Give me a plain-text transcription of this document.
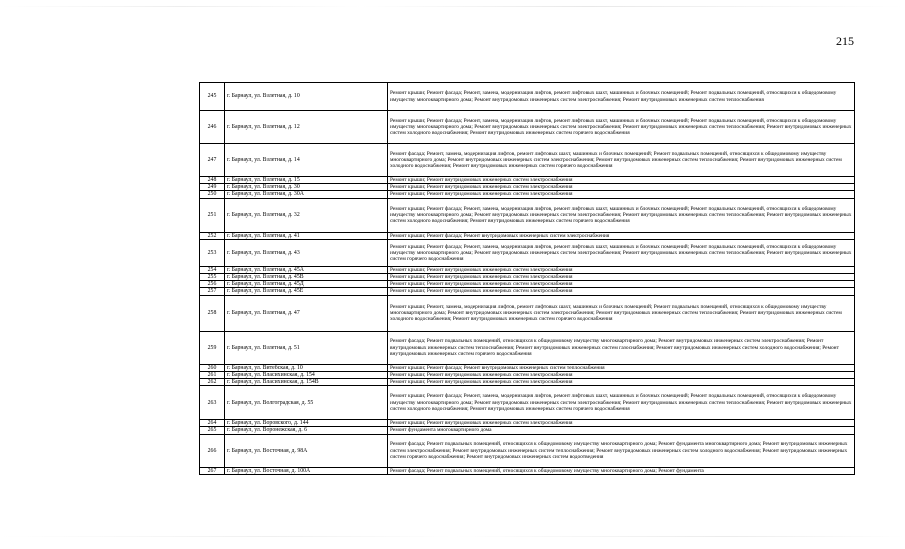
215
245	г. Барнаул, ул. Взлетная, д. 10	Ремонт крыши; Ремонт фасада; Ремонт, замена, модернизация лифтов, ремонт лифтовых шахт, машинных и блочных помещений; Ремонт подвальных помещений, относящихся к общедомовому имуществу многоквартирного дома; Ремонт внутридомовых инженерных систем электроснабжения; Ремонт внутридомовых инженерных систем теплоснабжения
246	г. Барнаул, ул. Взлетная, д. 12	Ремонт крыши; Ремонт фасада; Ремонт, замена, модернизация лифтов, ремонт лифтовых шахт, машинных и блочных помещений; Ремонт подвальных помещений, относящихся к общедомовому имуществу многоквартирного дома; Ремонт внутридомовых инженерных систем электроснабжения; Ремонт внутридомовых инженерных систем теплоснабжения; Ремонт внутридомовых инженерных систем холодного водоснабжения; Ремонт внутридомовых инженерных систем горячего водоснабжения
247	г. Барнаул, ул. Взлетная, д. 14	Ремонт фасада; Ремонт, замена, модернизация лифтов, ремонт лифтовых шахт, машинных и блочных помещений; Ремонт подвальных помещений, относящихся к общедомовому имуществу многоквартирного дома; Ремонт внутридомовых инженерных систем электроснабжения; Ремонт внутридомовых инженерных систем теплоснабжения; Ремонт внутридомовых инженерных систем холодного водоснабжения; Ремонт внутридомовых инженерных систем горячего водоснабжения
248	г. Барнаул, ул. Взлетная, д. 15	Ремонт крыши; Ремонт внутридомовых инженерных систем электроснабжения
249	г. Барнаул, ул. Взлетная, д. 30	Ремонт крыши; Ремонт внутридомовых инженерных систем электроснабжения
250	г. Барнаул, ул. Взлетная, д. 30А	Ремонт крыши; Ремонт внутридомовых инженерных систем электроснабжения
251	г. Барнаул, ул. Взлетная, д. 32	Ремонт крыши; Ремонт фасада; Ремонт, замена, модернизация лифтов, ремонт лифтовых шахт, машинных и блочных помещений; Ремонт подвальных помещений, относящихся к общедомовому имуществу многоквартирного дома; Ремонт внутридомовых инженерных систем электроснабжения; Ремонт внутридомовых инженерных систем теплоснабжения; Ремонт внутридомовых инженерных систем холодного водоснабжения; Ремонт внутридомовых инженерных систем горячего водоснабжения
252	г. Барнаул, ул. Взлетная, д. 41	Ремонт крыши; Ремонт фасада; Ремонт внутридомовых инженерных систем электроснабжения
253	г. Барнаул, ул. Взлетная, д. 43	Ремонт крыши; Ремонт фасада; Ремонт, замена, модернизация лифтов, ремонт лифтовых шахт, машинных и блочных помещений; Ремонт подвальных помещений, относящихся к общедомовому имуществу многоквартирного дома; Ремонт внутридомовых инженерных систем электроснабжения; Ремонт внутридомовых инженерных систем теплоснабжения; Ремонт внутридомовых инженерных систем горячего водоснабжения
254	г. Барнаул, ул. Взлетная, д. 45А	Ремонт крыши; Ремонт внутридомовых инженерных систем электроснабжения
255	г. Барнаул, ул. Взлетная, д. 45В	Ремонт крыши; Ремонт внутридомовых инженерных систем электроснабжения
256	г. Барнаул, ул. Взлетная, д. 45Д	Ремонт крыши; Ремонт внутридомовых инженерных систем электроснабжения
257	г. Барнаул, ул. Взлетная, д. 45Е	Ремонт крыши; Ремонт внутридомовых инженерных систем электроснабжения
258	г. Барнаул, ул. Взлетная, д. 47	Ремонт крыши; Ремонт, замена, модернизация лифтов, ремонт лифтовых шахт, машинных и блочных помещений; Ремонт подвальных помещений, относящихся к общедомовому имуществу многоквартирного дома; Ремонт внутридомовых инженерных систем электроснабжения; Ремонт внутридомовых инженерных систем теплоснабжения; Ремонт внутридомовых инженерных систем холодного водоснабжения; Ремонт внутридомовых инженерных систем горячего водоснабжения
259	г. Барнаул, ул. Взлетная, д. 51	Ремонт фасада; Ремонт подвальных помещений, относящихся к общедомовому имуществу многоквартирного дома; Ремонт внутридомовых инженерных систем электроснабжения; Ремонт внутридомовых инженерных систем теплоснабжения; Ремонт внутридомовых инженерных систем газоснабжения; Ремонт внутридомовых инженерных систем холодного водоснабжения; Ремонт внутридомовых инженерных систем горячего водоснабжения
260	г. Барнаул, ул. Витебская, д. 10	Ремонт крыши; Ремонт фасада; Ремонт внутридомовых инженерных систем теплоснабжения
261	г. Барнаул, ул. Власихинская, д. 154	Ремонт крыши; Ремонт внутридомовых инженерных систем электроснабжения
262	г. Барнаул, ул. Власихинская, д. 154В	Ремонт крыши; Ремонт внутридомовых инженерных систем электроснабжения
263	г. Барнаул, ул. Волгоградская, д. 55	Ремонт крыши; Ремонт фасада; Ремонт, замена, модернизация лифтов, ремонт лифтовых шахт, машинных и блочных помещений; Ремонт подвальных помещений, относящихся к общедомовому имуществу многоквартирного дома; Ремонт внутридомовых инженерных систем электроснабжения; Ремонт внутридомовых инженерных систем теплоснабжения; Ремонт внутридомовых инженерных систем холодного водоснабжения; Ремонт внутридомовых инженерных систем горячего водоснабжения
264	г. Барнаул, ул. Воровского, д. 144	Ремонт крыши; Ремонт внутридомовых инженерных систем электроснабжения
265	г. Барнаул, ул. Воронежская, д. 6	Ремонт фундамента многоквартирного дома
266	г. Барнаул, ул. Восточная, д. 98А	Ремонт фасада; Ремонт подвальных помещений, относящихся к общедомовому имуществу многоквартирного дома; Ремонт фундамента многоквартирного дома; Ремонт внутридомовых инженерных систем электроснабжения; Ремонт внутридомовых инженерных систем теплоснабжения; Ремонт внутридомовых инженерных систем холодного водоснабжения; Ремонт внутридомовых инженерных систем горячего водоснабжения; Ремонт внутридомовых инженерных систем водоотведения
267	г. Барнаул, ул. Восточная, д. 100А	Ремонт фасада; Ремонт подвальных помещений, относящихся к общедомовому имуществу многоквартирного дома; Ремонт фундамента
